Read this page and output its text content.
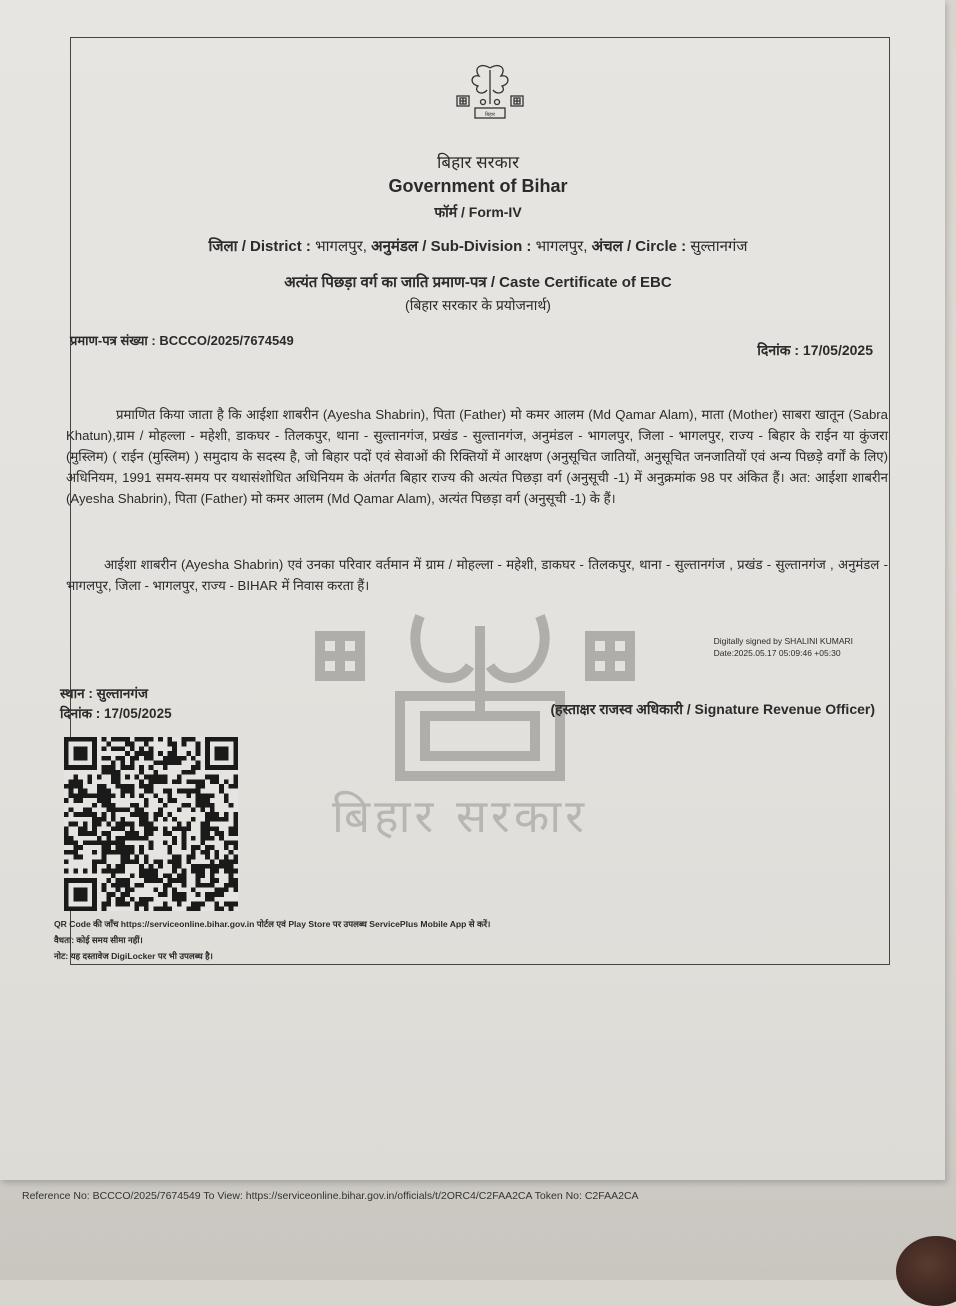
बिहार
बिहार सरकार
बिहार सरकार
Government of Bihar
फॉर्म / Form-IV
जिला / District : भागलपुर, अनुमंडल / Sub-Division : भागलपुर, अंचल / Circle : सुल्तानगंज
अत्यंत पिछड़ा वर्ग का जाति प्रमाण-पत्र / Caste Certificate of EBC
(बिहार सरकार के प्रयोजनार्थ)
प्रमाण-पत्र संख्या : BCCCO/2025/7674549
दिनांक : 17/05/2025

प्रमाणित किया जाता है कि आईशा शाबरीन (Ayesha Shabrin), पिता (Father) मो कमर आलम (Md Qamar Alam), माता (Mother) साबरा खातून (Sabra Khatun),ग्राम / मोहल्ला - महेशी, डाकघर - तिलकपुर, थाना - सुल्तानगंज, प्रखंड - सुल्तानगंज, अनुमंडल - भागलपुर, जिला - भागलपुर, राज्य - बिहार के राईन या कुंजरा (मुस्लिम) ( राईन (मुस्लिम) ) समुदाय के सदस्य है, जो बिहार पदों एवं सेवाओं की रिक्तियों में आरक्षण (अनुसूचित जातियों, अनुसूचित जनजातियों एवं अन्य पिछड़े वर्गों के लिए) अधिनियम, 1991 समय-समय पर यथासंशोधित अधिनियम के अंतर्गत बिहार राज्य की अत्यंत पिछड़ा वर्ग (अनुसूची -1) में अनुक्रमांक 98 पर अंकित हैं। अत: आईशा शाबरीन (Ayesha Shabrin), पिता (Father) मो कमर आलम (Md Qamar Alam), अत्यंत पिछड़ा वर्ग (अनुसूची -1) के हैं।

आईशा शाबरीन (Ayesha Shabrin) एवं उनका परिवार वर्तमान में ग्राम / मोहल्ला - महेशी, डाकघर - तिलकपुर, थाना - सुल्तानगंज , प्रखंड - सुल्तानगंज , अनुमंडल - भागलपुर, जिला - भागलपुर, राज्य - BIHAR में निवास करता हैं।

Digitally signed by SHALINI KUMARI
Date:2025.05.17 05:09:46 +05:30
स्थान : सुल्तानगंज
दिनांक : 17/05/2025	(हस्ताक्षर राजस्व अधिकारी / Signature Revenue Officer)
QR Code की जाँच https://serviceonline.bihar.gov.in पोर्टल एवं Play Store पर उपलब्ध ServicePlus Mobile App से करें।
वैधता: कोई समय सीमा नहीं।
नोट: यह दस्तावेज DigiLocker पर भी उपलब्ध है।
Reference No: BCCCO/2025/7674549 To View: https://serviceonline.bihar.gov.in/officials/t/2ORC4/C2FAA2CA Token No: C2FAA2CA
